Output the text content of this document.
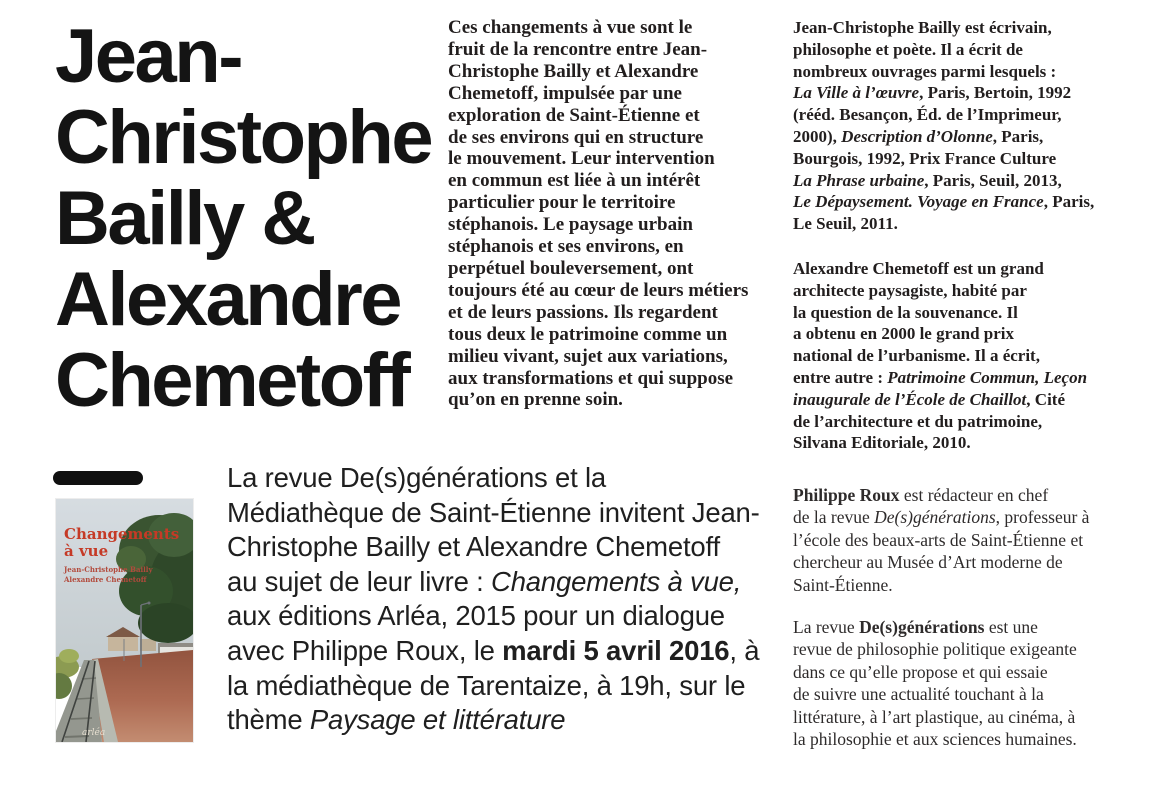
Jean-
Christophe
Bailly &
Alexandre
Chemetoff
Ces changements à vue sont le
fruit de la rencontre entre Jean-
Christophe Bailly et Alexandre
Chemetoff, impulsée par une
exploration de Saint-Étienne et
de ses environs qui en structure
le mouvement. Leur intervention
en commun est liée à un intérêt
particulier pour le territoire
stéphanois. Le paysage urbain
stéphanois et ses environs, en
perpétuel bouleversement, ont
toujours été au cœur de leurs métiers
et de leurs passions. Ils regardent
tous deux le patrimoine comme un
milieu vivant, sujet aux variations,
aux transformations et qui suppose
qu’on en prenne soin.
Jean-Christophe Bailly est écrivain,
philosophe et poète. Il a écrit de
nombreux ouvrages parmi lesquels :
La Ville à l’œuvre, Paris, Bertoin, 1992
(rééd. Besançon, Éd. de l’Imprimeur,
2000), Description d’Olonne, Paris,
Bourgois, 1992, Prix France Culture
La Phrase urbaine, Paris, Seuil, 2013,
Le Dépaysement. Voyage en France, Paris,
Le Seuil, 2011.
Alexandre Chemetoff est un grand
architecte paysagiste, habité par
la question de la souvenance. Il
a obtenu en 2000 le grand prix
national de l’urbanisme. Il a écrit,
entre autre : Patrimoine Commun, Leçon
inaugurale de l’École de Chaillot, Cité
de l’architecture et du patrimoine,
Silvana Editoriale, 2010.
Philippe Roux est rédacteur en chef
de la revue De(s)générations, professeur à
l’école des beaux-arts de Saint-Étienne et
chercheur au Musée d’Art moderne de
Saint-Étienne.
La revue De(s)générations est une
revue de philosophie politique exigeante
dans ce qu’elle propose et qui essaie
de suivre une actualité touchant à la
littérature, à l’art plastique, au cinéma, à
la philosophie et aux sciences humaines.
Changements
à vue
Jean-Christophe Bailly
Alexandre Chemetoff
arléa
La revue De(s)générations et la
Médiathèque de Saint-Étienne invitent Jean-
Christophe Bailly et Alexandre Chemetoff
au sujet de leur livre : Changements à vue,
aux éditions Arléa, 2015 pour un dialogue
avec Philippe Roux, le mardi 5 avril 2016, à
la médiathèque de Tarentaize, à 19h, sur le
thème Paysage et littérature
